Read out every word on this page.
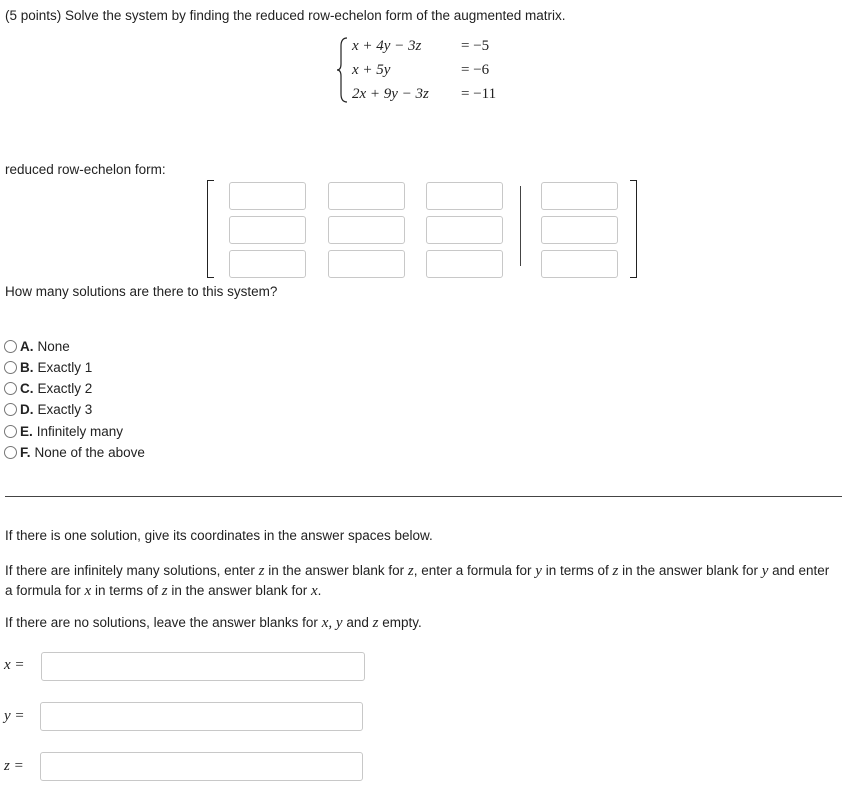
(5 points) Solve the system by finding the reduced row-echelon form of the augmented matrix.
x + 4y − 3z	= −5
x + 5y	= −6
2x + 9y − 3z = −11
reduced row-echelon form:
How many solutions are there to this system?
A. None
B. Exactly 1
C. Exactly 2
D. Exactly 3
E. Infinitely many
F. None of the above
If there is one solution, give its coordinates in the answer spaces below.
If there are infinitely many solutions, enter z in the answer blank for z, enter a formula for y in terms of z in the answer blank for y and enter a formula for x in terms of z in the answer blank for x.
If there are no solutions, leave the answer blanks for x, y and z empty.
x =
y =
z =
